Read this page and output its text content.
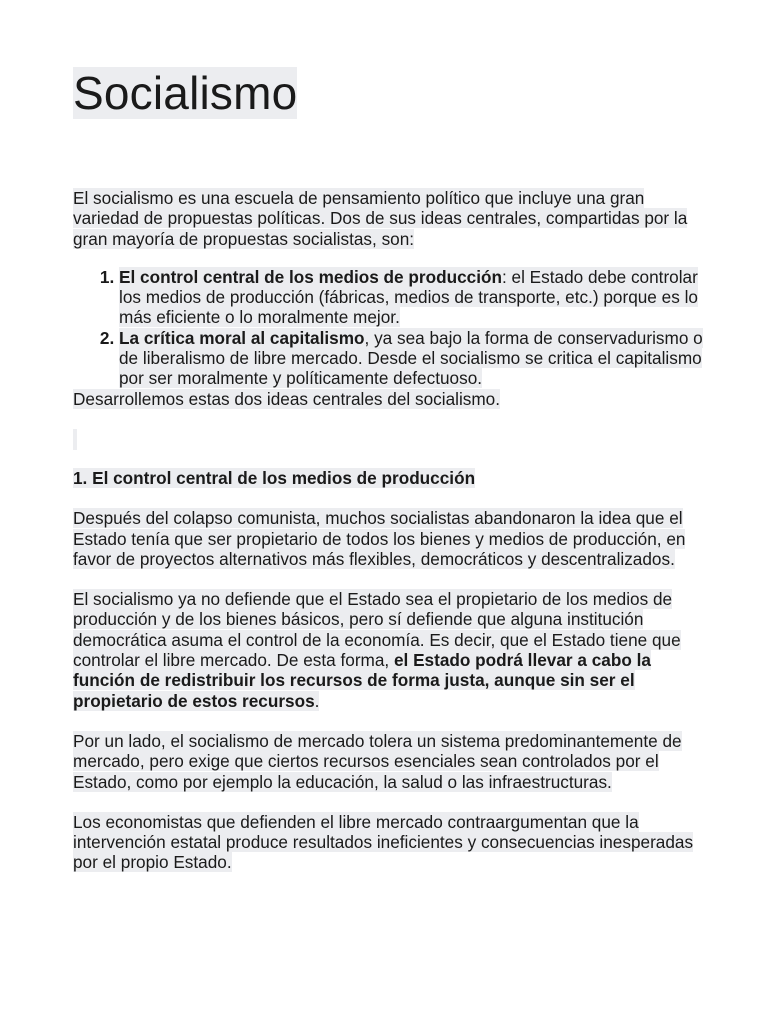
Socialismo

El socialismo es una escuela de pensamiento político que incluye una gran variedad de propuestas políticas. Dos de sus ideas centrales, compartidas por la gran mayoría de propuestas socialistas, son:

1. El control central de los medios de producción: el Estado debe controlar los medios de producción (fábricas, medios de transporte, etc.) porque es lo más eficiente o lo moralmente mejor.
2. La crítica moral al capitalismo, ya sea bajo la forma de conservadurismo o de liberalismo de libre mercado. Desde el socialismo se critica el capitalismo por ser moralmente y políticamente defectuoso.

Desarrollemos estas dos ideas centrales del socialismo.

1. El control central de los medios de producción

Después del colapso comunista, muchos socialistas abandonaron la idea que el Estado tenía que ser propietario de todos los bienes y medios de producción, en favor de proyectos alternativos más flexibles, democráticos y descentralizados.

El socialismo ya no defiende que el Estado sea el propietario de los medios de producción y de los bienes básicos, pero sí defiende que alguna institución democrática asuma el control de la economía. Es decir, que el Estado tiene que controlar el libre mercado. De esta forma, el Estado podrá llevar a cabo la función de redistribuir los recursos de forma justa, aunque sin ser el propietario de estos recursos.

Por un lado, el socialismo de mercado tolera un sistema predominantemente de mercado, pero exige que ciertos recursos esenciales sean controlados por el Estado, como por ejemplo la educación, la salud o las infraestructuras.

Los economistas que defienden el libre mercado contraargumentan que la intervención estatal produce resultados ineficientes y consecuencias inesperadas por el propio Estado.
